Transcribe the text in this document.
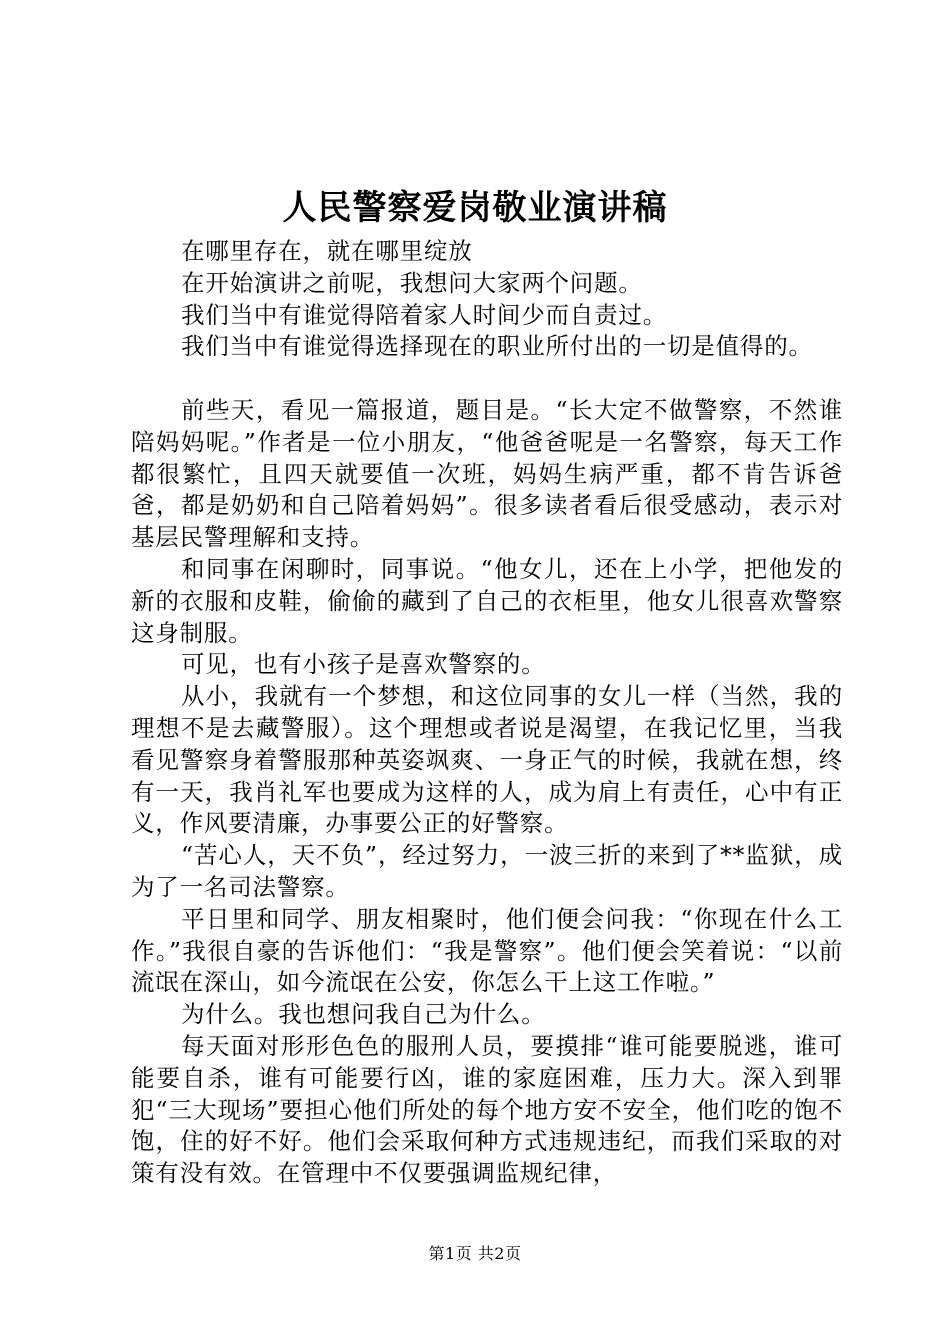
人民警察爱岗敬业演讲稿

在哪里存在，就在哪里绽放

在开始演讲之前呢，我想问大家两个问题。

我们当中有谁觉得陪着家人时间少而自责过。

我们当中有谁觉得选择现在的职业所付出的一切是值得的。

前些天，看见一篇报道，题目是。“长大定不做警察，不然谁陪妈妈呢。”作者是一位小朋友，“他爸爸呢是一名警察，每天工作都很繁忙，且四天就要值一次班，妈妈生病严重，都不肯告诉爸爸，都是奶奶和自己陪着妈妈”。很多读者看后很受感动，表示对基层民警理解和支持。

和同事在闲聊时，同事说。“他女儿，还在上小学，把他发的新的衣服和皮鞋，偷偷的藏到了自己的衣柜里，他女儿很喜欢警察这身制服。

可见，也有小孩子是喜欢警察的。

从小，我就有一个梦想，和这位同事的女儿一样（当然，我的理想不是去藏警服）。这个理想或者说是渴望，在我记忆里，当我看见警察身着警服那种英姿飒爽、一身正气的时候，我就在想，终有一天，我肖礼军也要成为这样的人，成为肩上有责任，心中有正义，作风要清廉，办事要公正的好警察。

“苦心人，天不负”，经过努力，一波三折的来到了**监狱，成为了一名司法警察。

平日里和同学、朋友相聚时，他们便会问我：“你现在什么工作。”我很自豪的告诉他们：“我是警察”。他们便会笑着说：“以前流氓在深山，如今流氓在公安，你怎么干上这工作啦。”

为什么。我也想问我自己为什么。

每天面对形形色色的服刑人员，要摸排“谁可能要脱逃，谁可能要自杀，谁有可能要行凶，谁的家庭困难，压力大。深入到罪犯“三大现场”要担心他们所处的每个地方安不安全，他们吃的饱不饱，住的好不好。他们会采取何种方式违规违纪，而我们采取的对策有没有效。在管理中不仅要强调监规纪律，

第1页 共2页
